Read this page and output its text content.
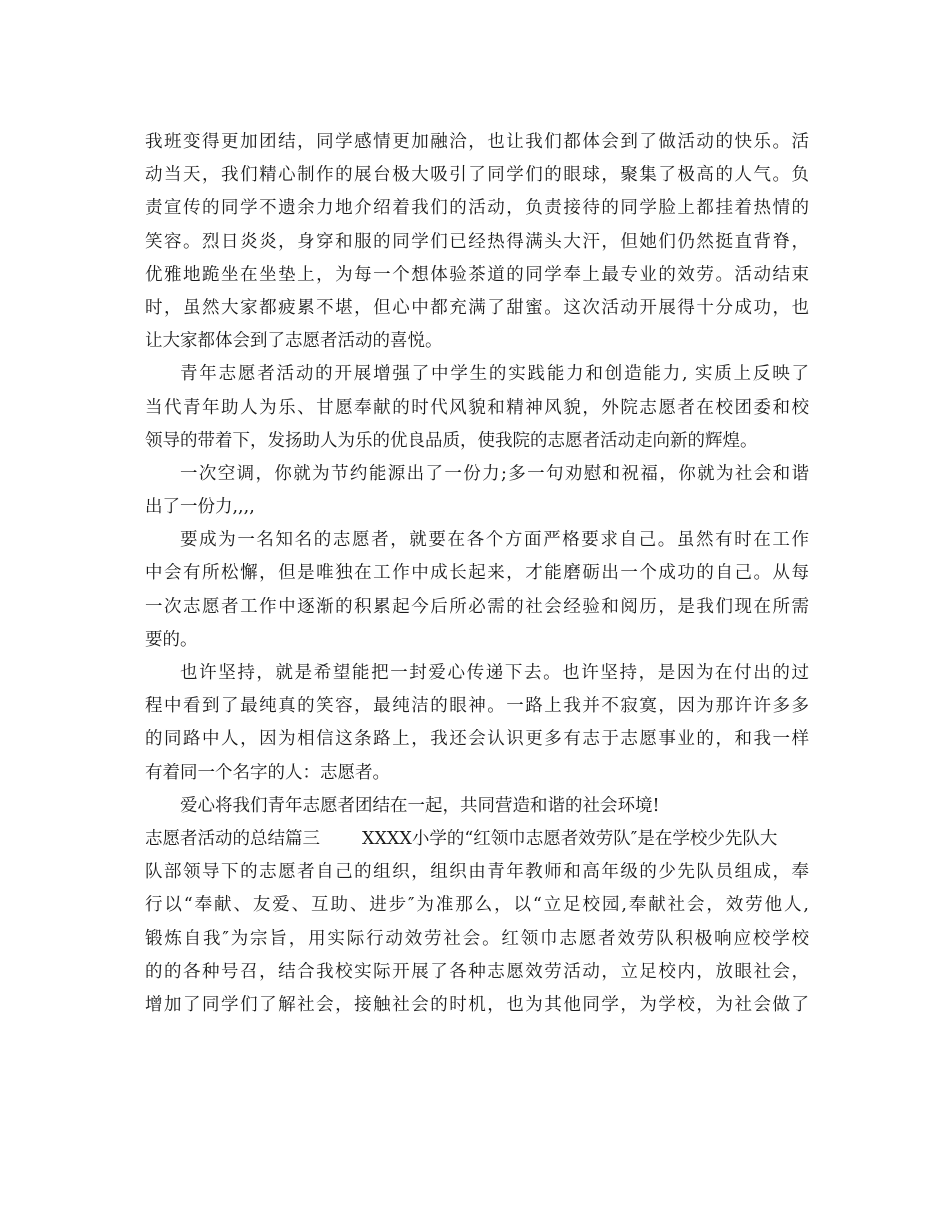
我班变得更加团结，同学感情更加融洽，也让我们都体会到了做活动的快乐。活
动当天，我们精心制作的展台极大吸引了同学们的眼球，聚集了极高的人气。负
责宣传的同学不遗余力地介绍着我们的活动，负责接待的同学脸上都挂着热情的
笑容。烈日炎炎，身穿和服的同学们已经热得满头大汗，但她们仍然挺直背脊，
优雅地跪坐在坐垫上，为每一个想体验茶道的同学奉上最专业的效劳。活动结束
时，虽然大家都疲累不堪，但心中都充满了甜蜜。这次活动开展得十分成功，也
让大家都体会到了志愿者活动的喜悦。
青年志愿者活动的开展增强了中学生的实践能力和创造能力, 实质上反映了
当代青年助人为乐、甘愿奉献的时代风貌和精神风貌，外院志愿者在校团委和校
领导的带着下，发扬助人为乐的优良品质，使我院的志愿者活动走向新的辉煌。
一次空调，你就为节约能源出了一份力;多一句劝慰和祝福，你就为社会和谐
出了一份力,,,,
要成为一名知名的志愿者，就要在各个方面严格要求自己。虽然有时在工作
中会有所松懈，但是唯独在工作中成长起来，才能磨砺出一个成功的自己。从每
一次志愿者工作中逐渐的积累起今后所必需的社会经验和阅历，是我们现在所需
要的。
也许坚持，就是希望能把一封爱心传递下去。也许坚持，是因为在付出的过
程中看到了最纯真的笑容，最纯洁的眼神。一路上我并不寂寞，因为那许许多多
的同路中人，因为相信这条路上，我还会认识更多有志于志愿事业的，和我一样
有着同一个名字的人：志愿者。
爱心将我们青年志愿者团结在一起，共同营造和谐的社会环境!
志愿者活动的总结篇三 XXXX小学的“红领巾志愿者效劳队″是在学校少先队大
队部领导下的志愿者自己的组织，组织由青年教师和高年级的少先队员组成，奉
行以“奉献、友爱、互助、进步″为准那么，以“立足校园,奉献社会，效劳他人,
锻炼自我″为宗旨，用实际行动效劳社会。红领巾志愿者效劳队积极响应校学校
的的各种号召，结合我校实际开展了各种志愿效劳活动，立足校内，放眼社会，
增加了同学们了解社会，接触社会的时机，也为其他同学，为学校，为社会做了
